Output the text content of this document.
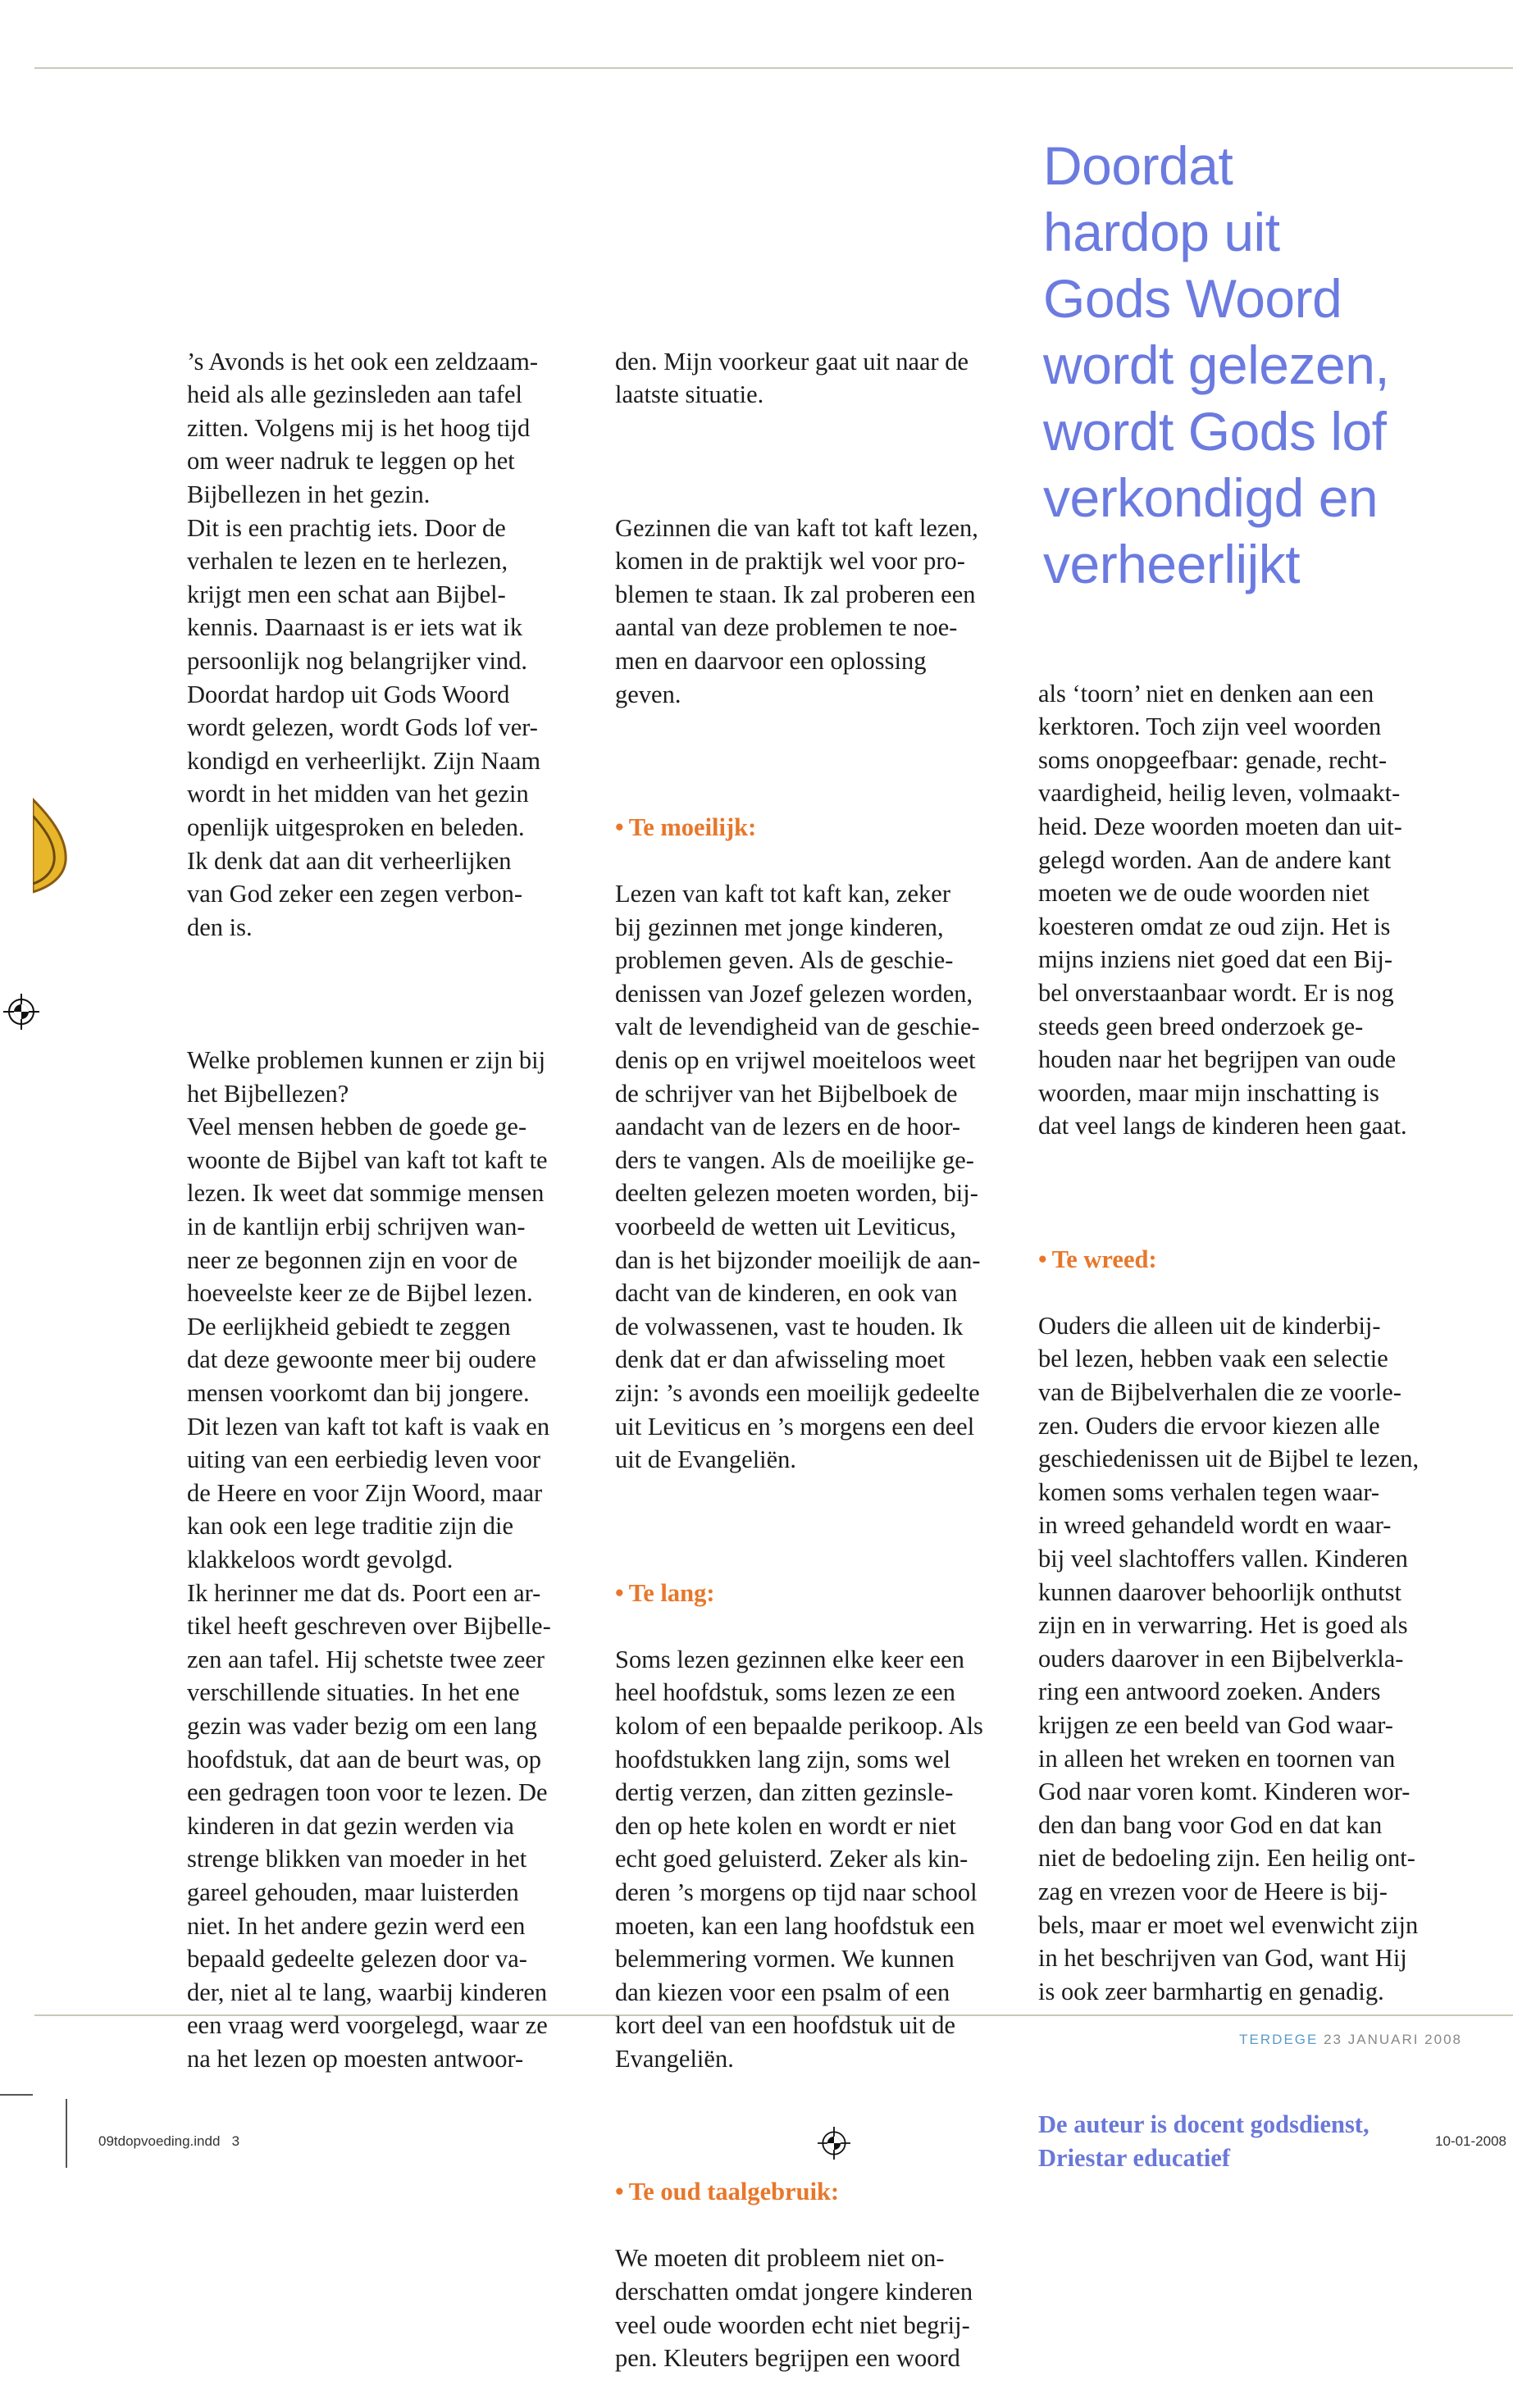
’s Avonds is het ook een zeldzaam-
heid als alle gezinsleden aan tafel
zitten. Volgens mij is het hoog tijd
om weer nadruk te leggen op het
Bijbellezen in het gezin.
Dit is een prachtig iets. Door de
verhalen te lezen en te herlezen,
krijgt men een schat aan Bijbel-
kennis. Daarnaast is er iets wat ik
persoonlijk nog belangrijker vind.
Doordat hardop uit Gods Woord
wordt gelezen, wordt Gods lof ver-
kondigd en verheerlijkt. Zijn Naam
wordt in het midden van het gezin
openlijk uitgesproken en beleden.
Ik denk dat aan dit verheerlijken
van God zeker een zegen verbon-
den is.

Welke problemen kunnen er zijn bij
het Bijbellezen?
Veel mensen hebben de goede ge-
woonte de Bijbel van kaft tot kaft te
lezen. Ik weet dat sommige mensen
in de kantlijn erbij schrijven wan-
neer ze begonnen zijn en voor de
hoeveelste keer ze de Bijbel lezen.
De eerlijkheid gebiedt te zeggen
dat deze gewoonte meer bij oudere
mensen voorkomt dan bij jongere.
Dit lezen van kaft tot kaft is vaak en
uiting van een eerbiedig leven voor
de Heere en voor Zijn Woord, maar
kan ook een lege traditie zijn die
klakkeloos wordt gevolgd.
Ik herinner me dat ds. Poort een ar-
tikel heeft geschreven over Bijbelle-
zen aan tafel. Hij schetste twee zeer
verschillende situaties. In het ene
gezin was vader bezig om een lang
hoofdstuk, dat aan de beurt was, op
een gedragen toon voor te lezen. De
kinderen in dat gezin werden via
strenge blikken van moeder in het
gareel gehouden, maar luisterden
niet. In het andere gezin werd een
bepaald gedeelte gelezen door va-
der, niet al te lang, waarbij kinderen
een vraag werd voorgelegd, waar ze
na het lezen op moesten antwoor-

den. Mijn voorkeur gaat uit naar de
laatste situatie.

Gezinnen die van kaft tot kaft lezen,
komen in de praktijk wel voor pro-
blemen te staan. Ik zal proberen een
aantal van deze problemen te noe-
men en daarvoor een oplossing
geven.

• Te moeilijk:

Lezen van kaft tot kaft kan, zeker
bij gezinnen met jonge kinderen,
problemen geven. Als de geschie-
denissen van Jozef gelezen worden,
valt de levendigheid van de geschie-
denis op en vrijwel moeiteloos weet
de schrijver van het Bijbelboek de
aandacht van de lezers en de hoor-
ders te vangen. Als de moeilijke ge-
deelten gelezen moeten worden, bij-
voorbeeld de wetten uit Leviticus,
dan is het bijzonder moeilijk de aan-
dacht van de kinderen, en ook van
de volwassenen, vast te houden. Ik
denk dat er dan afwisseling moet
zijn: ’s avonds een moeilijk gedeelte
uit Leviticus en ’s morgens een deel
uit de Evangeliën.

• Te lang:

Soms lezen gezinnen elke keer een
heel hoofdstuk, soms lezen ze een
kolom of een bepaalde perikoop. Als
hoofdstukken lang zijn, soms wel
dertig verzen, dan zitten gezinsle-
den op hete kolen en wordt er niet
echt goed geluisterd. Zeker als kin-
deren ’s morgens op tijd naar school
moeten, kan een lang hoofdstuk een
belemmering vormen. We kunnen
dan kiezen voor een psalm of een
kort deel van een hoofdstuk uit de
Evangeliën.

• Te oud taalgebruik:

We moeten dit probleem niet on-
derschatten omdat jongere kinderen
veel oude woorden echt niet begrij-
pen. Kleuters begrijpen een woord

Doordat
hardop uit
Gods Woord
wordt gelezen,
wordt Gods lof
verkondigd en
verheerlijkt

als ‘toorn’ niet en denken aan een
kerktoren. Toch zijn veel woorden
soms onopgeefbaar: genade, recht-
vaardigheid, heilig leven, volmaakt-
heid. Deze woorden moeten dan uit-
gelegd worden. Aan de andere kant
moeten we de oude woorden niet
koesteren omdat ze oud zijn. Het is
mijns inziens niet goed dat een Bij-
bel onverstaanbaar wordt. Er is nog
steeds geen breed onderzoek ge-
houden naar het begrijpen van oude
woorden, maar mijn inschatting is
dat veel langs de kinderen heen gaat.

• Te wreed:

Ouders die alleen uit de kinderbij-
bel lezen, hebben vaak een selectie
van de Bijbelverhalen die ze voorle-
zen. Ouders die ervoor kiezen alle
geschiedenissen uit de Bijbel te lezen,
komen soms verhalen tegen waar-
in wreed gehandeld wordt en waar-
bij veel slachtoffers vallen. Kinderen
kunnen daarover behoorlijk onthutst
zijn en in verwarring. Het is goed als
ouders daarover in een Bijbelverkla-
ring een antwoord zoeken. Anders
krijgen ze een beeld van God waar-
in alleen het wreken en toornen van
God naar voren komt. Kinderen wor-
den dan bang voor God en dat kan
niet de bedoeling zijn. Een heilig ont-
zag en vrezen voor de Heere is bij-
bels, maar er moet wel evenwicht zijn
in het beschrijven van God, want Hij
is ook zeer barmhartig en genadig.

De auteur is docent godsdienst,
Driestar educatief

TERDEGE 23 JANUARI 2008
09tdopvoeding.indd   3	10-01-2008
